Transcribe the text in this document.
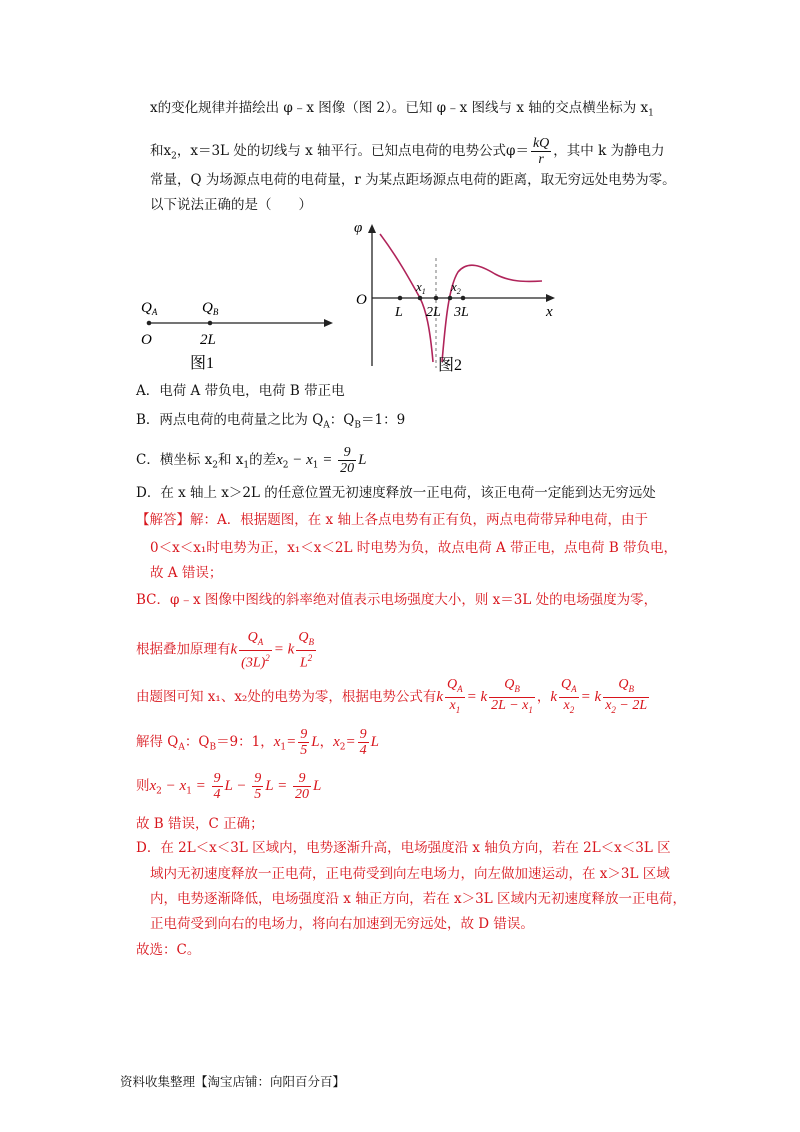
x的变化规律并描绘出 φ﹣x 图像（图 2）。已知 φ﹣x 图线与 x 轴的交点横坐标为 $x_1$
和$x_2$，x＝3L 处的切线与 x 轴平行。已知点电荷的电势公式$\varphi= \frac{kQ}{r}$ ，其中 k 为静电力
常量，Q 为场源点电荷的电荷量，r 为某点距场源点电荷的距离，取无穷远处电势为零。
以下说法正确的是（　　）
$Q_A$	$Q_B$
O	2L
图1
φ
O
x
$x_1$ $x_2$
L 2L 3L
图2
A．电荷 A 带负电，电荷 B 带正电
B．两点电荷的电荷量之比为 $Q_A$：$Q_B=1$：9
C．横坐标 $x_2$和 $x_1$的差$x_2 - x_1 = \frac{9}{20}$ L
D．在 x 轴上 x＞2L 的任意位置无初速度释放一正电荷，该正电荷一定能到达无穷远处
【解答】解：A．根据题图，在 x 轴上各点电势有正有负，两点电荷带异种电荷，由于
0＜x＜x₁时电势为正，x₁＜x＜2L 时电势为负，故点电荷 A 带正电，点电荷 B 带负电，
故 A 错误；
BC．φ﹣x 图像中图线的斜率绝对值表示电场强度大小，则 x＝3L 处的电场强度为零，
根据叠加原理有k $\frac{Q_A}{(3L)^2} = k \frac{Q_B}{L^2}$
由题图可知 x₁、x₂处的电势为零，根据电势公式有k $\frac{Q_A}{x_1} = k \frac{Q_B}{2L - x_1}$ ，k $\frac{Q_A}{x_2} = k \frac{Q_B}{x_2 - 2L}$
解得 $Q_A$：$Q_B=9$：1，$x_1= \frac{9}{5}$ L，$x_2= \frac{9}{4}$ L
则$x_2 - x_1 = \frac{9}{4}$ $L - \frac{9}{5}$ $L = \frac{9}{20}$ L
故 B 错误，C 正确；
D．在 2L＜x＜3L 区域内，电势逐渐升高，电场强度沿 x 轴负方向，若在 2L＜x＜3L 区
域内无初速度释放一正电荷，正电荷受到向左电场力，向左做加速运动，在 x＞3L 区域
内，电势逐渐降低，电场强度沿 x 轴正方向，若在 x＞3L 区域内无初速度释放一正电荷，
正电荷受到向右的电场力，将向右加速到无穷远处，故 D 错误。
故选：C。
资料收集整理【淘宝店铺：向阳百分百】
